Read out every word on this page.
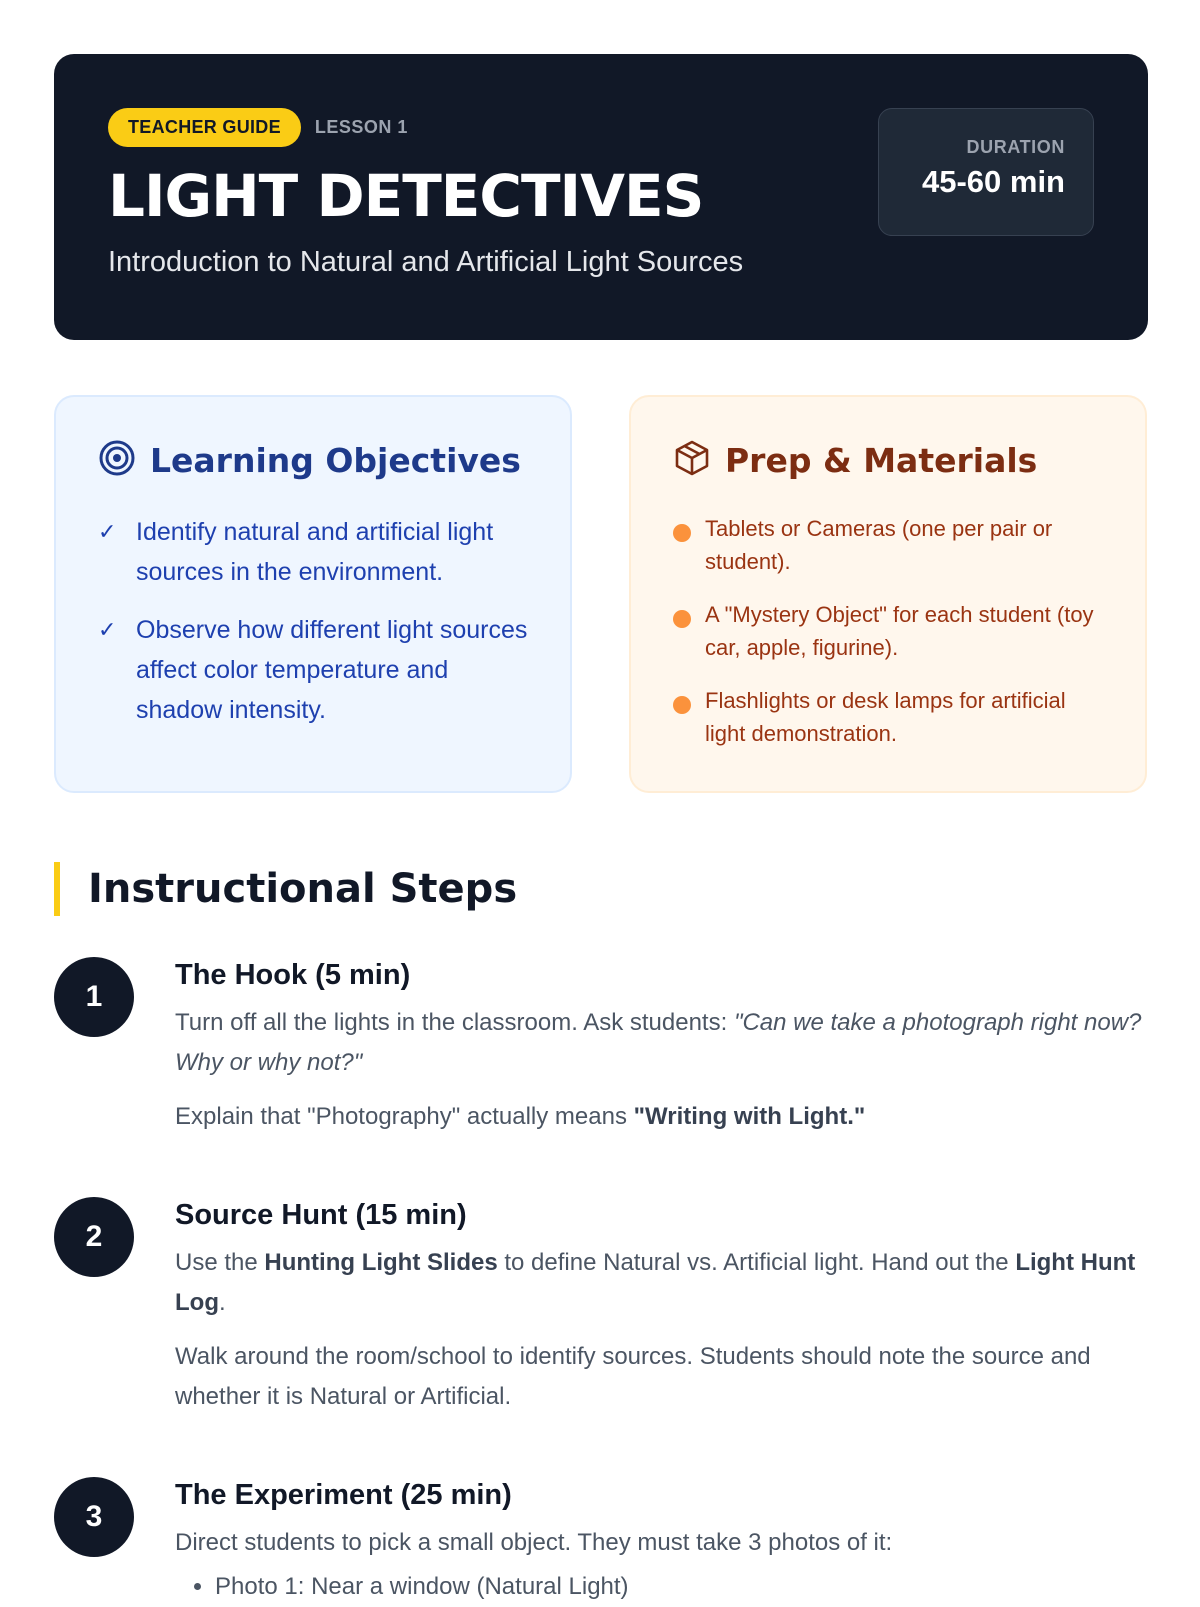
TEACHER GUIDE	LESSON 1
LIGHT DETECTIVES

Introduction to Natural and Artificial Light Sources

DURATION
45-60 min
Learning Objectives
✓ Identify natural and artificial light sources in the environment.
✓ Observe how different light sources affect color temperature and shadow intensity.
Prep & Materials
Tablets or Cameras (one per pair or student).
A "Mystery Object" for each student (toy car, apple, figurine).
Flashlights or desk lamps for artificial light demonstration.
Instructional Steps
1
The Hook (5 min)

Turn off all the lights in the classroom. Ask students: "Can we take a photograph right now? Why or why not?"

Explain that "Photography" actually means "Writing with Light."

2
Source Hunt (15 min)

Use the Hunting Light Slides to define Natural vs. Artificial light. Hand out the Light Hunt Log.

Walk around the room/school to identify sources. Students should note the source and whether it is Natural or Artificial.

3
The Experiment (25 min)

Direct students to pick a small object. They must take 3 photos of it:

• Photo 1: Near a window (Natural Light)
